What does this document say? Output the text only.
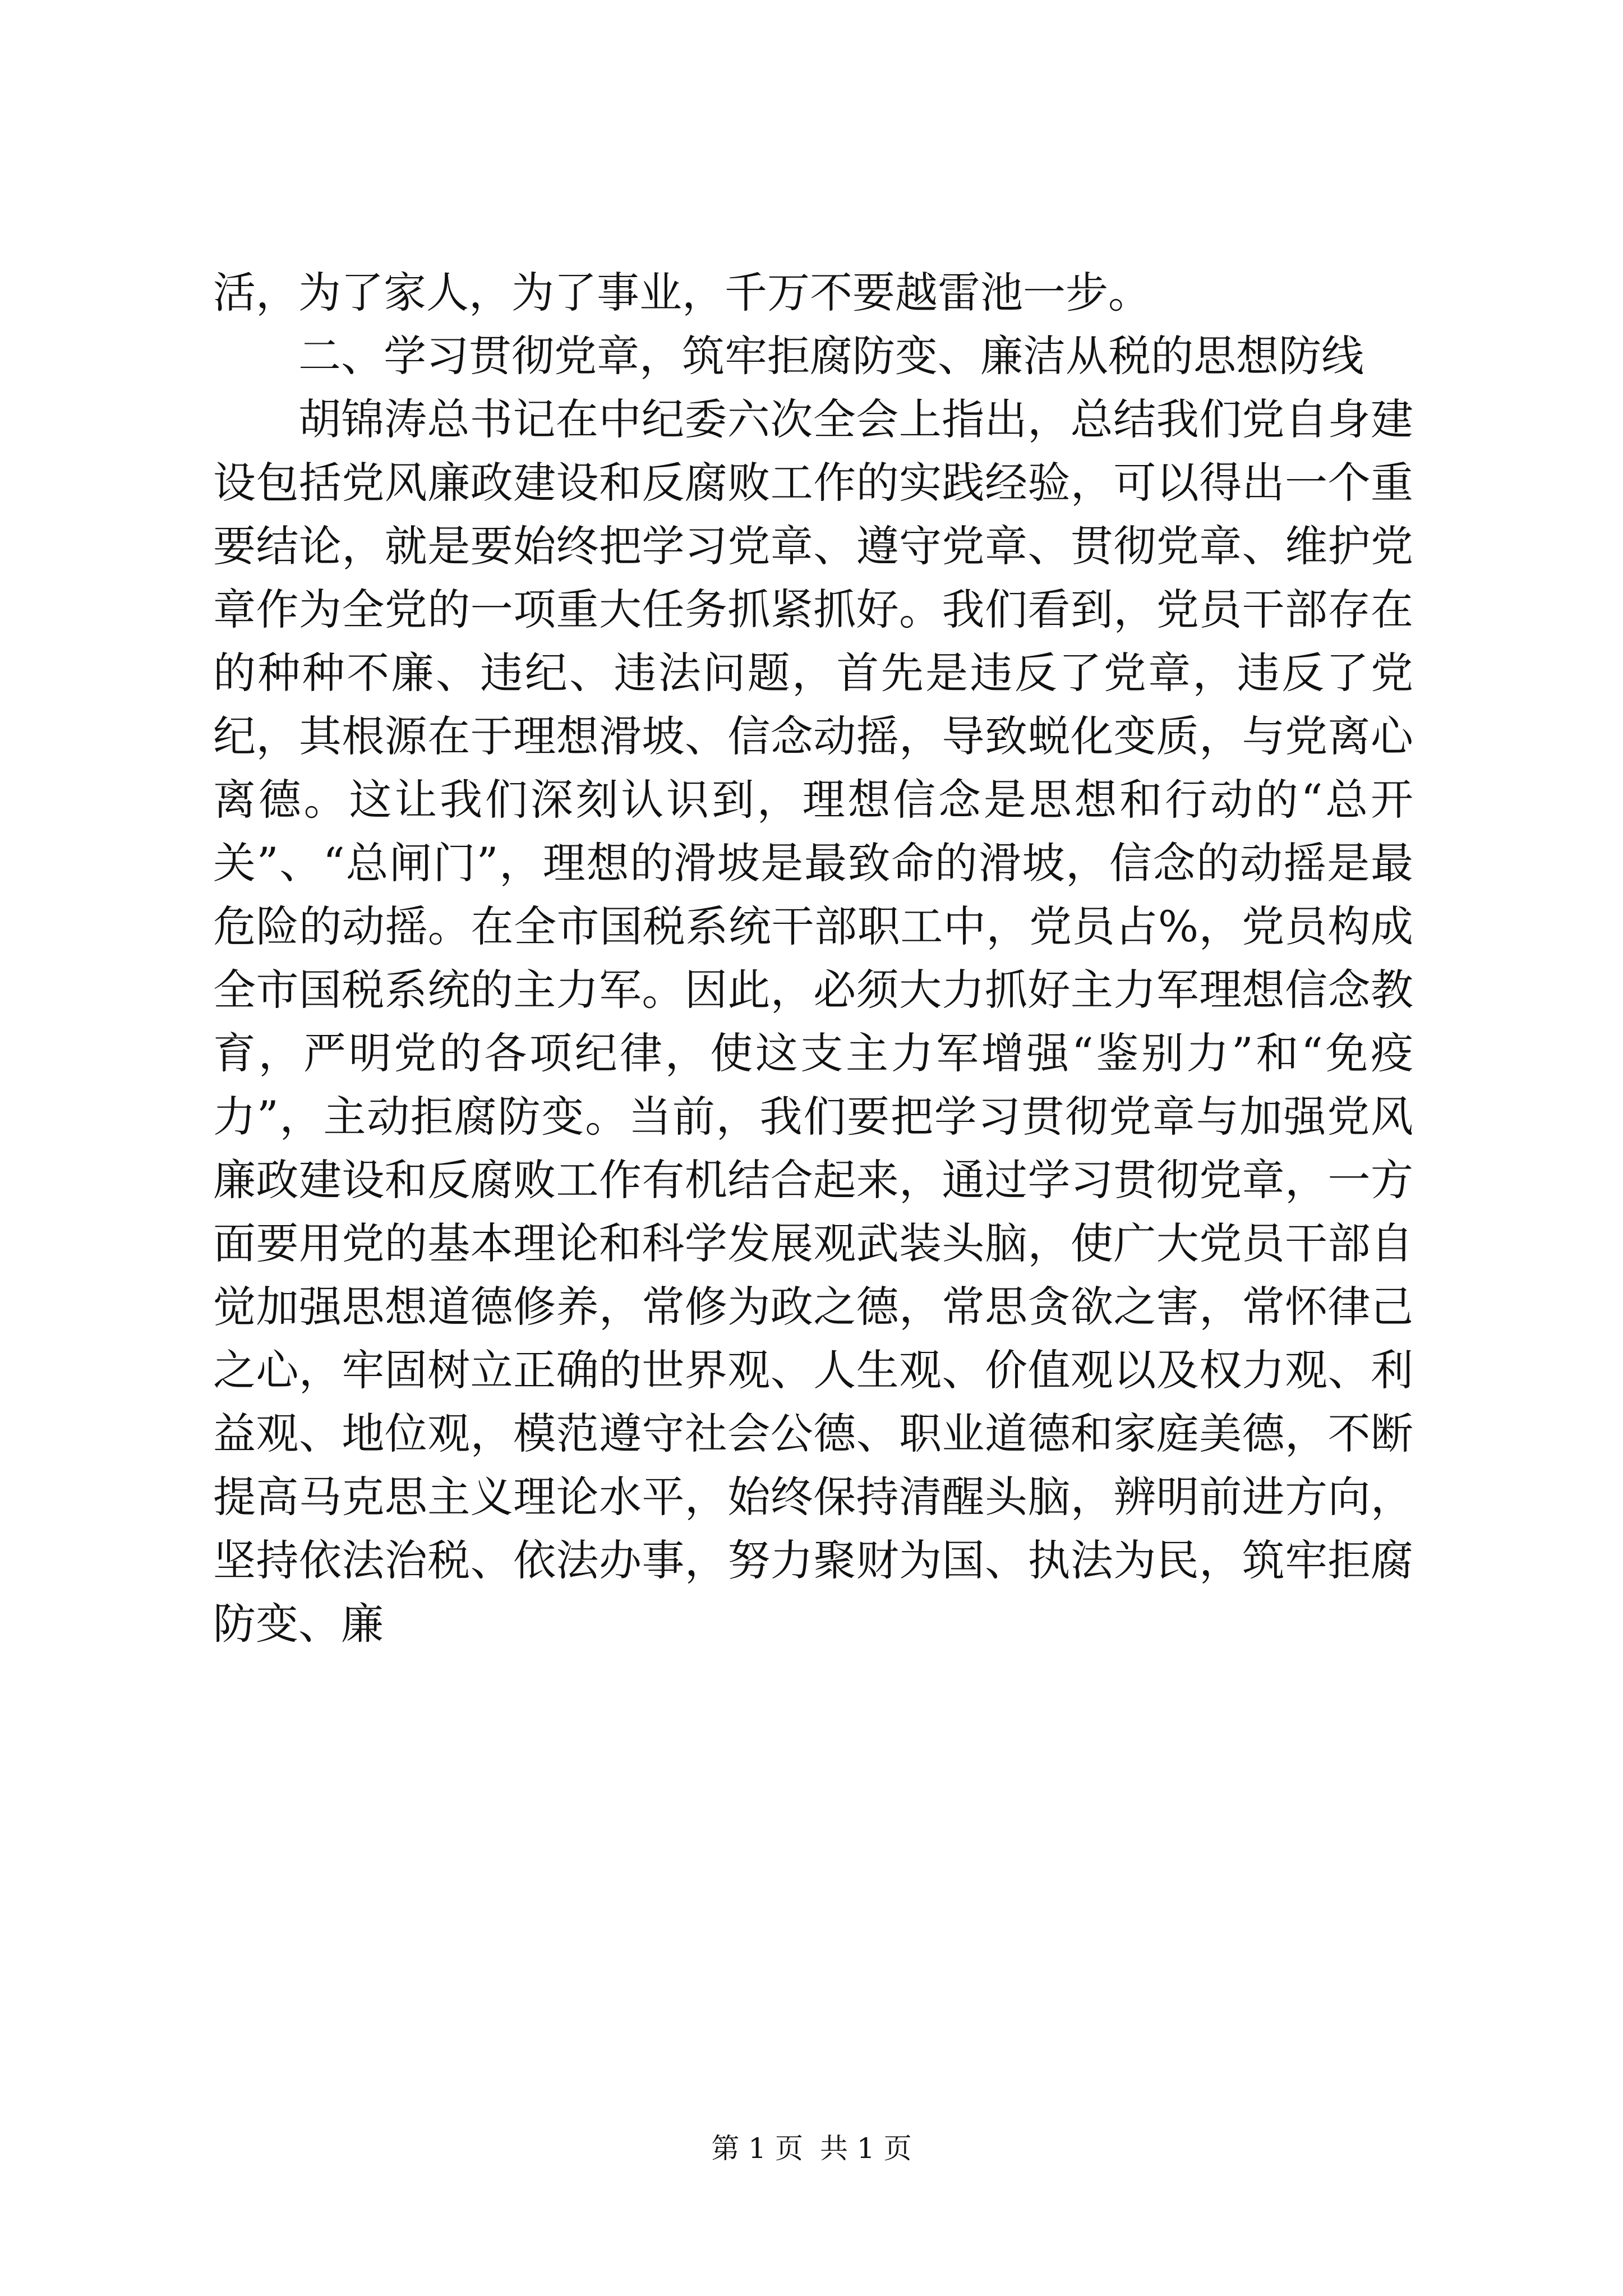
活，为了家人，为了事业，千万不要越雷池一步。

二、学习贯彻党章，筑牢拒腐防变、廉洁从税的思想防线

胡锦涛总书记在中纪委六次全会上指出，总结我们党自身建设包括党风廉政建设和反腐败工作的实践经验，可以得出一个重要结论，就是要始终把学习党章、遵守党章、贯彻党章、维护党章作为全党的一项重大任务抓紧抓好。我们看到，党员干部存在的种种不廉、违纪、违法问题，首先是违反了党章，违反了党纪，其根源在于理想滑坡、信念动摇，导致蜕化变质，与党离心离德。这让我们深刻认识到，理想信念是思想和行动的“总开关”、“总闸门”，理想的滑坡是最致命的滑坡，信念的动摇是最危险的动摇。在全市国税系统干部职工中，党员占%，党员构成全市国税系统的主力军。因此，必须大力抓好主力军理想信念教育，严明党的各项纪律，使这支主力军增强“鉴别力”和“免疫力”，主动拒腐防变。当前，我们要把学习贯彻党章与加强党风廉政建设和反腐败工作有机结合起来，通过学习贯彻党章，一方面要用党的基本理论和科学发展观武装头脑，使广大党员干部自觉加强思想道德修养，常修为政之德，常思贪欲之害，常怀律己之心，牢固树立正确的世界观、人生观、价值观以及权力观、利益观、地位观，模范遵守社会公德、职业道德和家庭美德，不断提高马克思主义理论水平，始终保持清醒头脑，辨明前进方向，坚持依法治税、依法办事，努力聚财为国、执法为民，筑牢拒腐防变、廉

第 1 页 共 1 页
